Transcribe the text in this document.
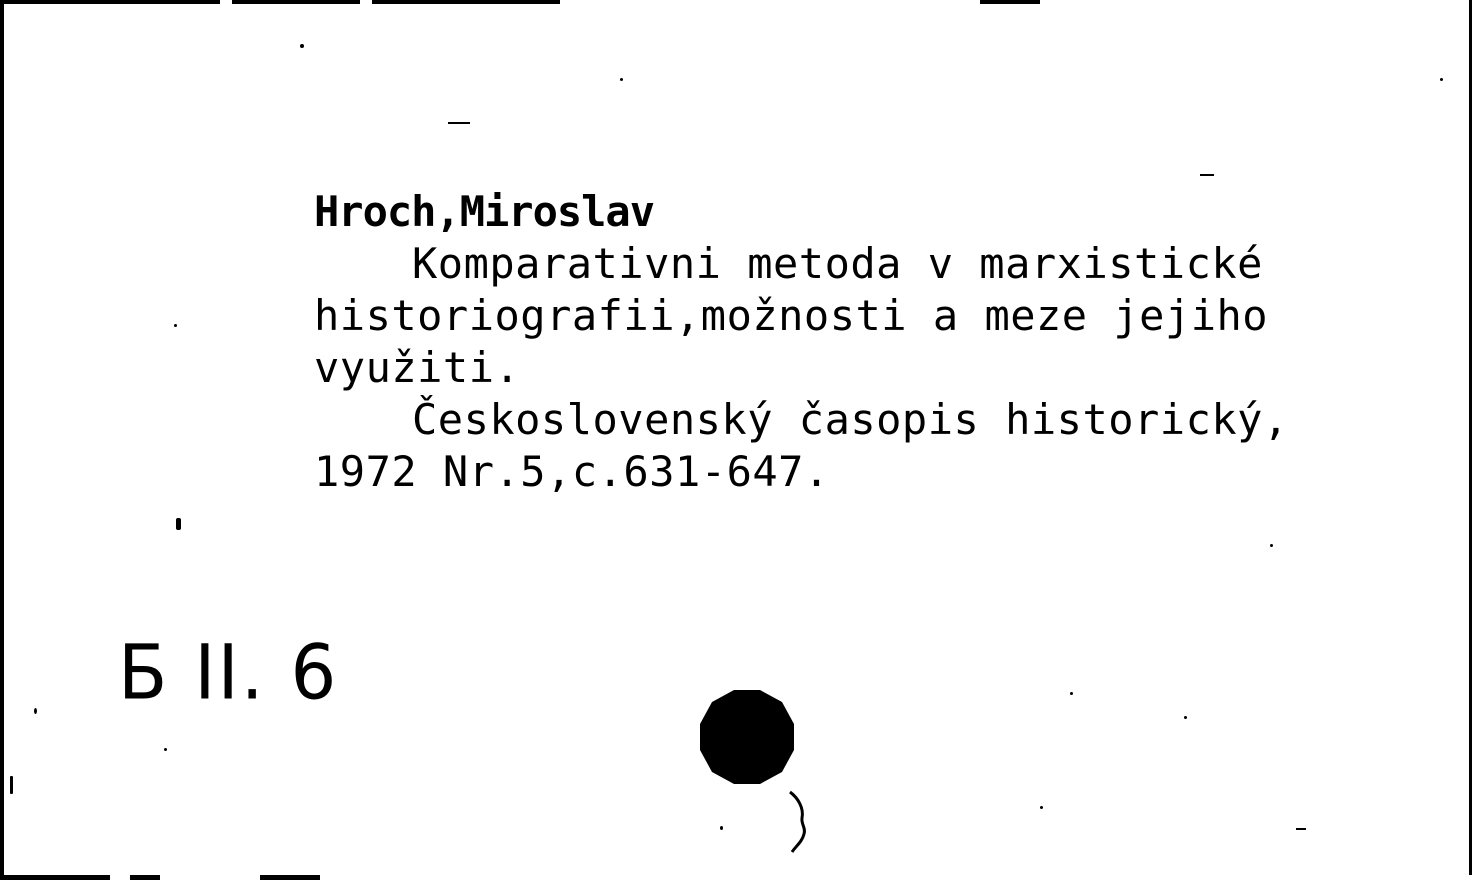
Hroch,Miroslav
Komparativni metoda v marxistické
historiografii,možnosti a meze jejiho
využiti.
Československý časopis historický,
1972 Nr.5,c.631-647.
Б II. 6
